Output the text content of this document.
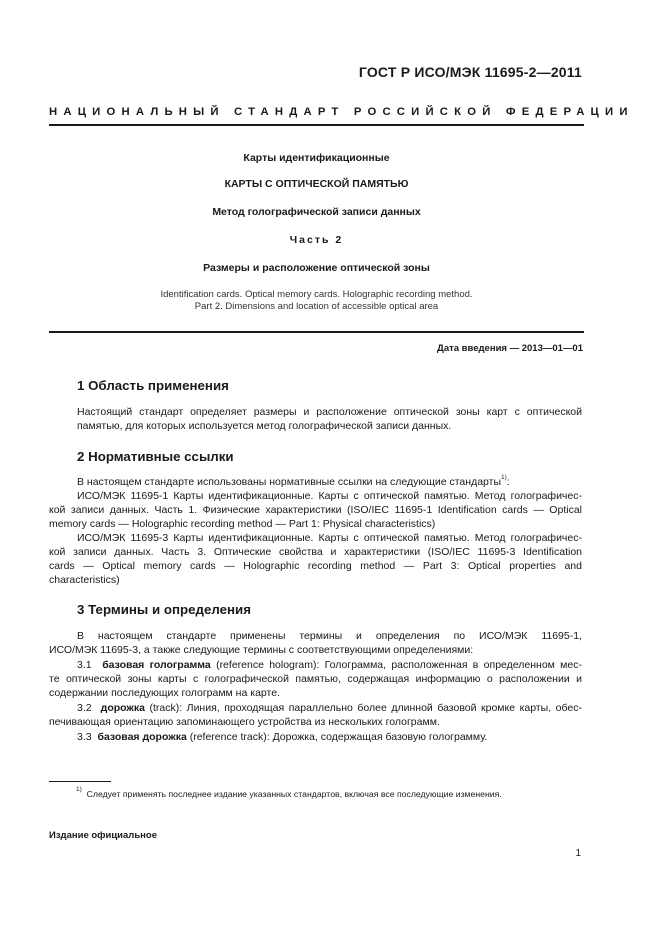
ГОСТ Р ИСО/МЭК 11695-2—2011
НАЦИОНАЛЬНЫЙ СТАНДАРТ РОССИЙСКОЙ ФЕДЕРАЦИИ
Карты идентификационные
КАРТЫ С ОПТИЧЕСКОЙ ПАМЯТЬЮ
Метод голографической записи данных
Часть 2
Размеры и расположение оптической зоны
Identification cards. Optical memory cards. Holographic recording method.
Part 2. Dimensions and location of accessible optical area
Дата введения — 2013—01—01
1 Область применения
Настоящий стандарт определяет размеры и расположение оптической зоны карт с оптической
памятью, для которых используется метод голографической записи данных.
2 Нормативные ссылки
В настоящем стандарте использованы нормативные ссылки на следующие стандарты$^{1)}$:
ИСО/МЭК 11695-1 Карты идентификационные. Карты с оптической памятью. Метод голографичес-
кой записи данных. Часть 1. Физические характеристики (ISO/IEC 11695-1 Identification cards — Optical
memory cards — Holographic recording method — Part 1: Physical characteristics)
ИСО/МЭК 11695-3 Карты идентификационные. Карты с оптической памятью. Метод голографичес-
кой записи данных. Часть 3. Оптические свойства и характеристики (ISO/IEC 11695-3 Identification
cards — Optical memory cards — Holographic recording method — Part 3: Optical properties and
characteristics)
3 Термины и определения
В настоящем стандарте применены термины и определения по ИСО/МЭК 11695-1,
ИСО/МЭК 11695-3, а также следующие термины с соответствующими определениями:
3.1 базовая голограмма (reference hologram): Голограмма, расположенная в определенном мес-
те оптической зоны карты с голографической памятью, содержащая информацию о расположении и
содержании последующих голограмм на карте.
3.2 дорожка (track): Линия, проходящая параллельно более длинной базовой кромке карты, обес-
печивающая ориентацию запоминающего устройства из нескольких голограмм.
3.3 базовая дорожка (reference track): Дорожка, содержащая базовую голограмму.
$^{1)}$ Следует применять последнее издание указанных стандартов, включая все последующие изменения.
Издание официальное
1
